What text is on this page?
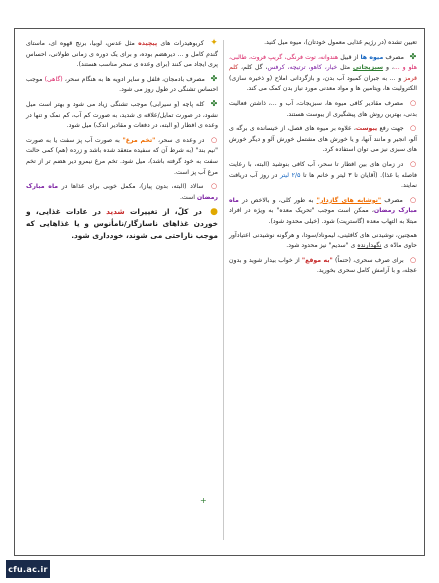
تعیین تشده (در رژیم غذایی معمول خودتان)، میوه میل کنید.

✤ مصرف میوه ها از قبیل هندوانه، توت فرنگی، گریپ فروت، طالبی، هلو و ...، و سبزیجاتی مثل خیار، کاهو، ترتیچه، کرفس، گل کلم، کلم قرمز و ... به جبران کمبود آب بدن، و بازگردانی املاح (و ذخیره سازی) الکترولیت ها، ویتامین ها و مواد معدنی مورد نیاز بدن کمک می کند.

○ مصرف مقادیر کافی میوه ها، سبزیجات، آب و ...، ذاشتن فعالیت بدنی، بهترین روش های پیشگیری از یبوست هستند.

○ جهت رفع یبوست، علاوه بر میوه های فصل، از خیسانده ی برگه ی آلو، انجیر و مانند آنها، و یا خورش های مشتمل خورش آلو و دیگر خورش های سبزی نیز می توان استفاده کرد.

○ در زمان های بین افطار تا سحر، آب کافی بنوشید (البته، با رعایت فاصله با غذا). (آقایان تا ۳ لیتر و خانم ها تا ۲/۵ لیتر در روز آب دریافت نمایند.

○ مصرف "نوشابه های گازدار" به طور کلی، و بالاخص در ماه مبارک رمضان، ممکن است موجب "تحریک معده" به ویژه در افراد مبتلا به التهاب معده (گاستریت) شود. (خیلی محدود شود).

همچنین، نوشیدنی های کافئینی، لیموناد/سودا، و هرگونه نوشیدنی اعتیادآور حاوی مادّه ی نگهدارنده ی "سدیم" نیز محدود شود.

○ برای صرف سحری، (حتماً) "به موقع" از خواب بیدار شوید و بدون عجله، و با آرامش کامل سحری بخورید.

✦ کربوهیدرات های پیچیده مثل عدس، لوبیا، برنج قهوه ای، ماستای گندم کامل و ... دیرهضم بوده، و برای یک دوره ی زمانی طولانی، احساس پری ایجاد می کنند (برای وعده ی سحر مناسب هستند).

✤ مصرف بادمجان، فلفل و سایر ادویه ها به هنگام سحر، (گاهی) موجب احساس تشنگی در طول روز می شود.

✤ کله پاچه (و سیرابی) موجب تشنگی زیاد می شود و بهتر است میل نشود، در صورت تمایل/علاقه ی شدید، به صورت کم آب، کم نمک و تنها در وعده ی افطار (و البته، در دفعات و مقادیر اندک) میل شود.

○ در وعده ی سحر، "تخم مرغ" به صورت آب پز سفت یا به صورت "نیم بند" (به شرط آن که سفیده متعقد شده باشد و زرده (هم) کمی حالت سفت به خود گرفته باشد)، میل شود. تخم مرغ نیمرو دیر هضم تر از تخم مرغ آب پز است.

○ سالاد (البته، بدون پیاز)، مکمل خوبی برای غذاها در ماه مبارک رمضان است.

● در کلّ، از تغییرات شدید در عادات غذایی، و خوردن غذاهای ناسازگار/نامأنوس و یا غذاهایی که موجب ناراحتی می شوند، خودداری شود.

+
cfu.ac.ir
